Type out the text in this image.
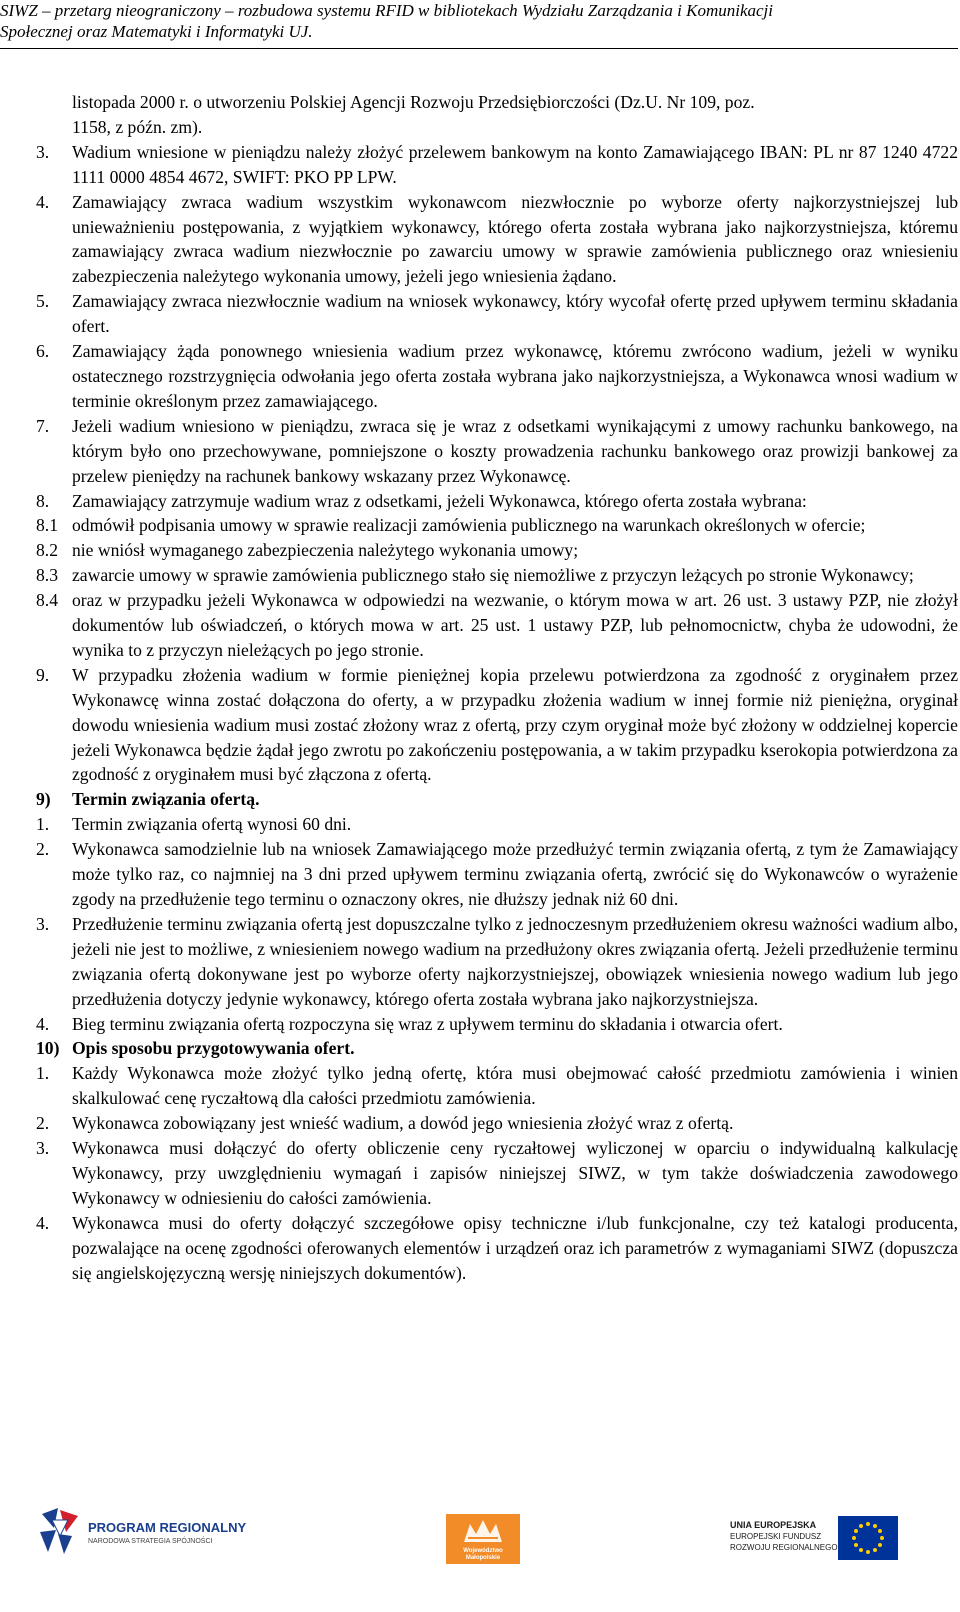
SIWZ – przetarg nieograniczony – rozbudowa systemu RFID w bibliotekach Wydziału Zarządzania i Komunikacji
Społecznej oraz Matematyki i Informatyki UJ.
listopada 2000 r. o utworzeniu Polskiej Agencji Rozwoju Przedsiębiorczości (Dz.U. Nr 109, poz.
1158, z późn. zm).
3.	Wadium wniesione w pieniądzu należy złożyć przelewem bankowym na konto Zamawiającego IBAN: PL nr 87 1240 4722 1111 0000 4854 4672, SWIFT: PKO PP LPW.
4.	Zamawiający zwraca wadium wszystkim wykonawcom niezwłocznie po wyborze oferty najkorzystniejszej lub unieważnieniu postępowania, z wyjątkiem wykonawcy, którego oferta została wybrana jako najkorzystniejsza, któremu zamawiający zwraca wadium niezwłocznie po zawarciu umowy w sprawie zamówienia publicznego oraz wniesieniu zabezpieczenia należytego wykonania umowy, jeżeli jego wniesienia żądano.
5.	Zamawiający zwraca niezwłocznie wadium na wniosek wykonawcy, który wycofał ofertę przed upływem terminu składania ofert.
6.	Zamawiający żąda ponownego wniesienia wadium przez wykonawcę, któremu zwrócono wadium, jeżeli w wyniku ostatecznego rozstrzygnięcia odwołania jego oferta została wybrana jako najkorzystniejsza, a Wykonawca wnosi wadium w terminie określonym przez zamawiającego.
7.	Jeżeli wadium wniesiono w pieniądzu, zwraca się je wraz z odsetkami wynikającymi z umowy rachunku bankowego, na którym było ono przechowywane, pomniejszone o koszty prowadzenia rachunku bankowego oraz prowizji bankowej za przelew pieniędzy na rachunek bankowy wskazany przez Wykonawcę.
8.	Zamawiający zatrzymuje wadium wraz z odsetkami, jeżeli Wykonawca, którego oferta została wybrana:
8.1 odmówił podpisania umowy w sprawie realizacji zamówienia publicznego na warunkach określonych w ofercie;
8.2 nie wniósł wymaganego zabezpieczenia należytego wykonania umowy;
8.3 zawarcie umowy w sprawie zamówienia publicznego stało się niemożliwe z przyczyn leżących po stronie Wykonawcy;
8.4 oraz w przypadku jeżeli Wykonawca w odpowiedzi na wezwanie, o którym mowa w art. 26 ust. 3 ustawy PZP, nie złożył dokumentów lub oświadczeń, o których mowa w art. 25 ust. 1 ustawy PZP, lub pełnomocnictw, chyba że udowodni, że wynika to z przyczyn nieleżących po jego stronie.
9.	W przypadku złożenia wadium w formie pieniężnej kopia przelewu potwierdzona za zgodność z oryginałem przez Wykonawcę winna zostać dołączona do oferty, a w przypadku złożenia wadium w innej formie niż pieniężna, oryginał dowodu wniesienia wadium musi zostać złożony wraz z ofertą, przy czym oryginał może być złożony w oddzielnej kopercie jeżeli Wykonawca będzie żądał jego zwrotu po zakończeniu postępowania, a w takim przypadku kserokopia potwierdzona za zgodność z oryginałem musi być złączona z ofertą.
9)	Termin związania ofertą.
1.	Termin związania ofertą wynosi 60 dni.
2.	Wykonawca samodzielnie lub na wniosek Zamawiającego może przedłużyć termin związania ofertą, z tym że Zamawiający może tylko raz, co najmniej na 3 dni przed upływem terminu związania ofertą, zwrócić się do Wykonawców o wyrażenie zgody na przedłużenie tego terminu o oznaczony okres, nie dłuższy jednak niż 60 dni.
3.	Przedłużenie terminu związania ofertą jest dopuszczalne tylko z jednoczesnym przedłużeniem okresu ważności wadium albo, jeżeli nie jest to możliwe, z wniesieniem nowego wadium na przedłużony okres związania ofertą. Jeżeli przedłużenie terminu związania ofertą dokonywane jest po wyborze oferty najkorzystniejszej, obowiązek wniesienia nowego wadium lub jego przedłużenia dotyczy jedynie wykonawcy, którego oferta została wybrana jako najkorzystniejsza.
4.	Bieg terminu związania ofertą rozpoczyna się wraz z upływem terminu do składania i otwarcia ofert.
10) Opis sposobu przygotowywania ofert.
1.	Każdy Wykonawca może złożyć tylko jedną ofertę, która musi obejmować całość przedmiotu zamówienia i winien skalkulować cenę ryczałtową dla całości przedmiotu zamówienia.
2.	Wykonawca zobowiązany jest wnieść wadium, a dowód jego wniesienia złożyć wraz z ofertą.
3.	Wykonawca musi dołączyć do oferty obliczenie ceny ryczałtowej wyliczonej w oparciu o indywidualną kalkulację Wykonawcy, przy uwzględnieniu wymagań i zapisów niniejszej SIWZ, w tym także doświadczenia zawodowego Wykonawcy w odniesieniu do całości zamówienia.
4.	Wykonawca musi do oferty dołączyć szczegółowe opisy techniczne i/lub funkcjonalne, czy też katalogi producenta, pozwalające na ocenę zgodności oferowanych elementów i urządzeń oraz ich parametrów z wymaganiami SIWZ (dopuszcza się angielskojęzyczną wersję niniejszych dokumentów).
PROGRAM REGIONALNY
NARODOWA STRATEGIA SPÓJNOŚCI
Województwo
Małopolskie
UNIA EUROPEJSKA
EUROPEJSKI FUNDUSZ
ROZWOJU REGIONALNEGO
